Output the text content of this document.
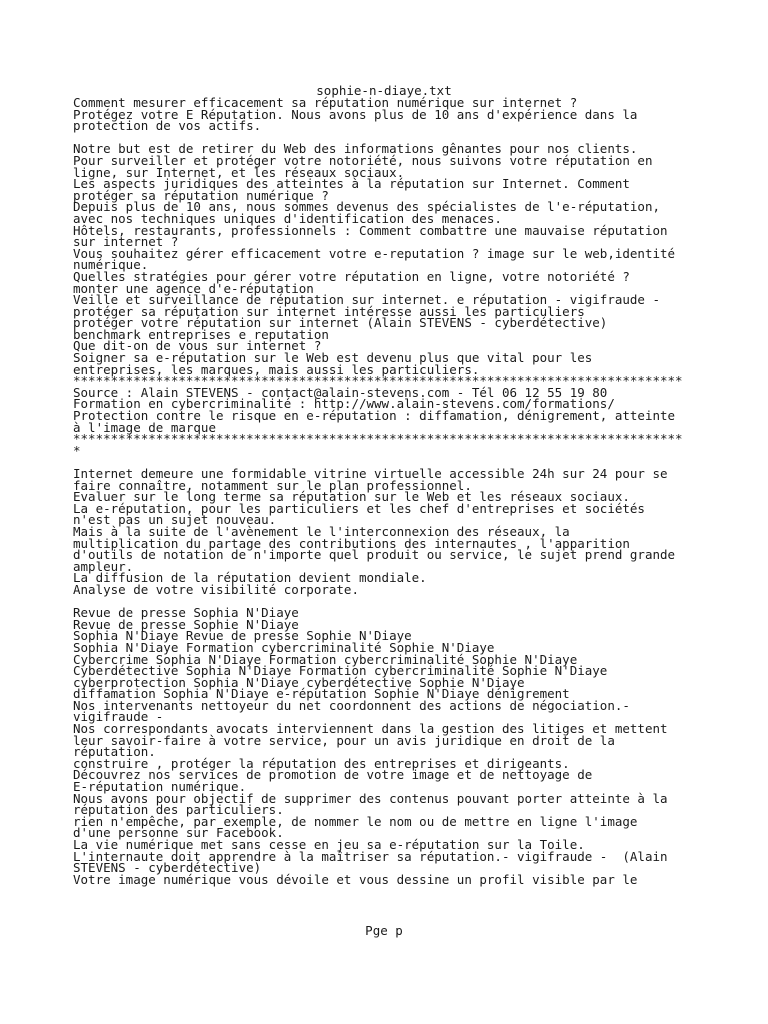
sophie-n-diaye.txt
Comment mesurer efficacement sa réputation numérique sur internet ?
Protégez votre E Réputation. Nous avons plus de 10 ans d'expérience dans la
protection de vos actifs.

Notre but est de retirer du Web des informations gênantes pour nos clients.
Pour surveiller et protéger votre notoriété, nous suivons votre réputation en
ligne, sur Internet, et les réseaux sociaux.
Les aspects juridiques des atteintes à la réputation sur Internet. Comment
protéger sa réputation numérique ?
Depuis plus de 10 ans, nous sommes devenus des spécialistes de l'e-réputation,
avec nos techniques uniques d'identification des menaces.
Hôtels, restaurants, professionnels : Comment combattre une mauvaise réputation
sur internet ?
Vous souhaitez gérer efficacement votre e-reputation ? image sur le web,identité
numérique.
Quelles stratégies pour gérer votre réputation en ligne, votre notoriété ?
monter une agence d'e-réputation
Veille et surveillance de réputation sur internet. e réputation - vigifraude -
protéger sa réputation sur internet intéresse aussi les particuliers
protéger votre réputation sur internet (Alain STEVENS - cyberdétective)
benchmark entreprises e reputation
Que dit-on de vous sur internet ?
Soigner sa e-réputation sur le Web est devenu plus que vital pour les
entreprises, les marques, mais aussi les particuliers.
*********************************************************************************
Source : Alain STEVENS - contact@alain-stevens.com - Tél 06 12 55 19 80
Formation en cybercriminalité : http://www.alain-stevens.com/formations/
Protection contre le risque en e-réputation : diffamation, dénigrement, atteinte
à l'image de marque
*********************************************************************************
*

Internet demeure une formidable vitrine virtuelle accessible 24h sur 24 pour se
faire connaître, notamment sur le plan professionnel.
Evaluer sur le long terme sa réputation sur le Web et les réseaux sociaux.
La e-réputation, pour les particuliers et les chef d'entreprises et sociétés
n'est pas un sujet nouveau.
Mais à la suite de l'avènement le l'interconnexion des réseaux, la
multiplication du partage des contributions des internautes , l'apparition
d'outils de notation de n'importe quel produit ou service, le sujet prend grande
ampleur.
La diffusion de la réputation devient mondiale.
Analyse de votre visibilité corporate.

Revue de presse Sophia N'Diaye
Revue de presse Sophie N'Diaye
Sophia N'Diaye Revue de presse Sophie N'Diaye
Sophia N'Diaye Formation cybercriminalité Sophie N'Diaye
Cybercrime Sophia N'Diaye Formation cybercriminalité Sophie N'Diaye
Cyberdétective Sophia N'Diaye Formation cybercriminalité Sophie N'Diaye
cyberprotection Sophia N'Diaye cyberdétective Sophie N'Diaye
diffamation Sophia N'Diaye e-réputation Sophie N'Diaye dénigrement
Nos intervenants nettoyeur du net coordonnent des actions de négociation.-
vigifraude -
Nos correspondants avocats interviennent dans la gestion des litiges et mettent
leur savoir-faire à votre service, pour un avis juridique en droit de la
réputation.
construire , protéger la réputation des entreprises et dirigeants.
Découvrez nos services de promotion de votre image et de nettoyage de
E-réputation numérique.
Nous avons pour objectif de supprimer des contenus pouvant porter atteinte à la
réputation des particuliers.
rien n'empêche, par exemple, de nommer le nom ou de mettre en ligne l'image
d'une personne sur Facebook.
La vie numérique met sans cesse en jeu sa e-réputation sur la Toile.
L'internaute doit apprendre à la maîtriser sa réputation.- vigifraude -  (Alain
STEVENS - cyberdétective)
Votre image numérique vous dévoile et vous dessine un profil visible par le
Pge p
